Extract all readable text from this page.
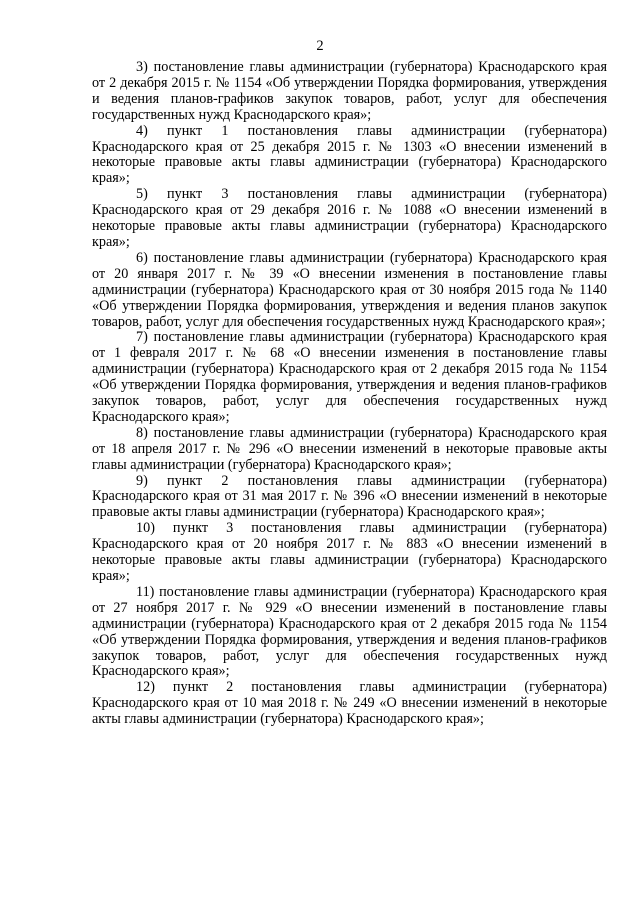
2

3) постановление главы администрации (губернатора) Краснодарского края от 2 декабря 2015 г. № 1154 «Об утверждении Порядка формирования, утверждения и ведения планов-графиков закупок товаров, работ, услуг для обеспечения государственных нужд Краснодарского края»;

4) пункт 1 постановления главы администрации (губернатора) Краснодарского края от 25 декабря 2015 г. № 1303 «О внесении изменений в некоторые правовые акты главы администрации (губернатора) Краснодарского края»;

5) пункт 3 постановления главы администрации (губернатора) Краснодарского края от 29 декабря 2016 г. № 1088 «О внесении изменений в некоторые правовые акты главы администрации (губернатора) Краснодарского края»;

6) постановление главы администрации (губернатора) Краснодарского края от 20 января 2017 г. № 39 «О внесении изменения в постановление главы администрации (губернатора) Краснодарского края от 30 ноября 2015 года № 1140 «Об утверждении Порядка формирования, утверждения и ведения планов закупок товаров, работ, услуг для обеспечения государственных нужд Краснодарского края»;

7) постановление главы администрации (губернатора) Краснодарского края от 1 февраля 2017 г. № 68 «О внесении изменения в постановление главы администрации (губернатора) Краснодарского края от 2 декабря 2015 года № 1154 «Об утверждении Порядка формирования, утверждения и ведения планов-графиков закупок товаров, работ, услуг для обеспечения государственных нужд Краснодарского края»;

8) постановление главы администрации (губернатора) Краснодарского края от 18 апреля 2017 г. № 296 «О внесении изменений в некоторые правовые акты главы администрации (губернатора) Краснодарского края»;

9) пункт 2 постановления главы администрации (губернатора) Краснодарского края от 31 мая 2017 г. № 396 «О внесении изменений в некоторые правовые акты главы администрации (губернатора) Краснодарского края»;

10) пункт 3 постановления главы администрации (губернатора) Краснодарского края от 20 ноября 2017 г. № 883 «О внесении изменений в некоторые правовые акты главы администрации (губернатора) Краснодарского края»;

11) постановление главы администрации (губернатора) Краснодарского края от 27 ноября 2017 г. № 929 «О внесении изменений в постановление главы администрации (губернатора) Краснодарского края от 2 декабря 2015 года № 1154 «Об утверждении Порядка формирования, утверждения и ведения планов-графиков закупок товаров, работ, услуг для обеспечения государственных нужд Краснодарского края»;

12) пункт 2 постановления главы администрации (губернатора) Краснодарского края от 10 мая 2018 г. № 249 «О внесении изменений в некоторые акты главы администрации (губернатора) Краснодарского края»;
